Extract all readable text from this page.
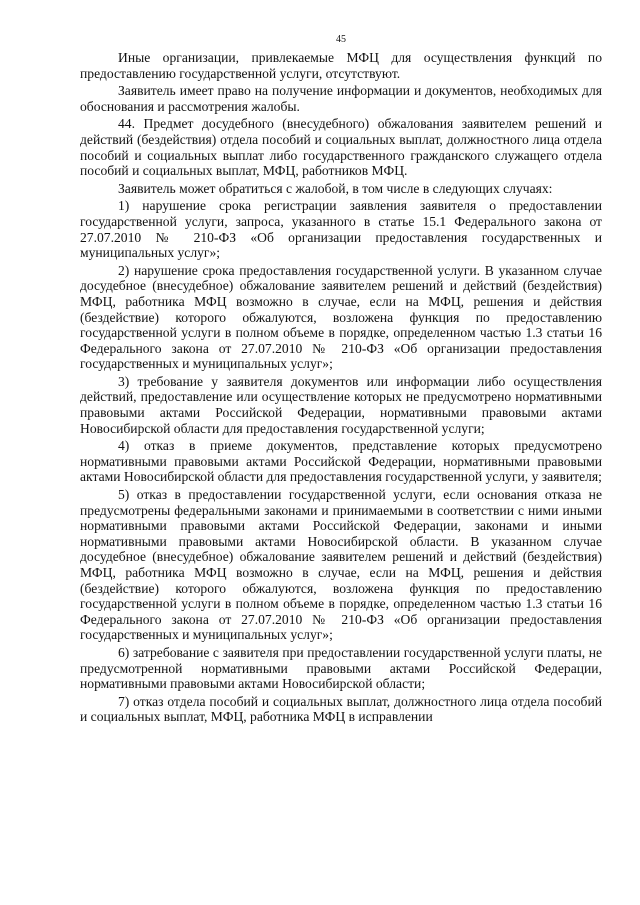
45

Иные организации, привлекаемые МФЦ для осуществления функций по предоставлению государственной услуги, отсутствуют.

Заявитель имеет право на получение информации и документов, необходимых для обоснования и рассмотрения жалобы.

44. Предмет досудебного (внесудебного) обжалования заявителем решений и действий (бездействия) отдела пособий и социальных выплат, должностного лица отдела пособий и социальных выплат либо государственного гражданского служащего отдела пособий и социальных выплат, МФЦ, работников МФЦ.

Заявитель может обратиться с жалобой, в том числе в следующих случаях:

1) нарушение срока регистрации заявления заявителя о предоставлении государственной услуги, запроса, указанного в статье 15.1 Федерального закона от 27.07.2010 № 210-ФЗ «Об организации предоставления государственных и муниципальных услуг»;

2) нарушение срока предоставления государственной услуги. В указанном случае досудебное (внесудебное) обжалование заявителем решений и действий (бездействия) МФЦ, работника МФЦ возможно в случае, если на МФЦ, решения и действия (бездействие) которого обжалуются, возложена функция по предоставлению государственной услуги в полном объеме в порядке, определенном частью 1.3 статьи 16 Федерального закона от 27.07.2010 № 210-ФЗ «Об организации предоставления государственных и муниципальных услуг»;

3) требование у заявителя документов или информации либо осуществления действий, предоставление или осуществление которых не предусмотрено нормативными правовыми актами Российской Федерации, нормативными правовыми актами Новосибирской области для предоставления государственной услуги;

4) отказ в приеме документов, представление которых предусмотрено нормативными правовыми актами Российской Федерации, нормативными правовыми актами Новосибирской области для предоставления государственной услуги, у заявителя;

5) отказ в предоставлении государственной услуги, если основания отказа не предусмотрены федеральными законами и принимаемыми в соответствии с ними иными нормативными правовыми актами Российской Федерации, законами и иными нормативными правовыми актами Новосибирской области. В указанном случае досудебное (внесудебное) обжалование заявителем решений и действий (бездействия) МФЦ, работника МФЦ возможно в случае, если на МФЦ, решения и действия (бездействие) которого обжалуются, возложена функция по предоставлению государственной услуги в полном объеме в порядке, определенном частью 1.3 статьи 16 Федерального закона от 27.07.2010 № 210-ФЗ «Об организации предоставления государственных и муниципальных услуг»;

6) затребование с заявителя при предоставлении государственной услуги платы, не предусмотренной нормативными правовыми актами Российской Федерации, нормативными правовыми актами Новосибирской области;

7) отказ отдела пособий и социальных выплат, должностного лица отдела пособий и социальных выплат, МФЦ, работника МФЦ в исправлении
